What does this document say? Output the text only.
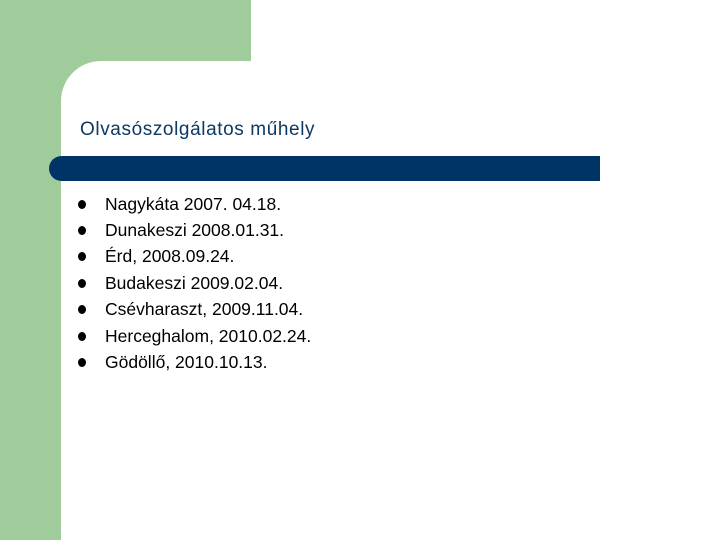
Olvasószolgálatos műhely
Nagykáta 2007. 04.18.
Dunakeszi 2008.01.31.
Érd, 2008.09.24.
Budakeszi 2009.02.04.
Csévharaszt, 2009.11.04.
Herceghalom, 2010.02.24.
Gödöllő, 2010.10.13.
